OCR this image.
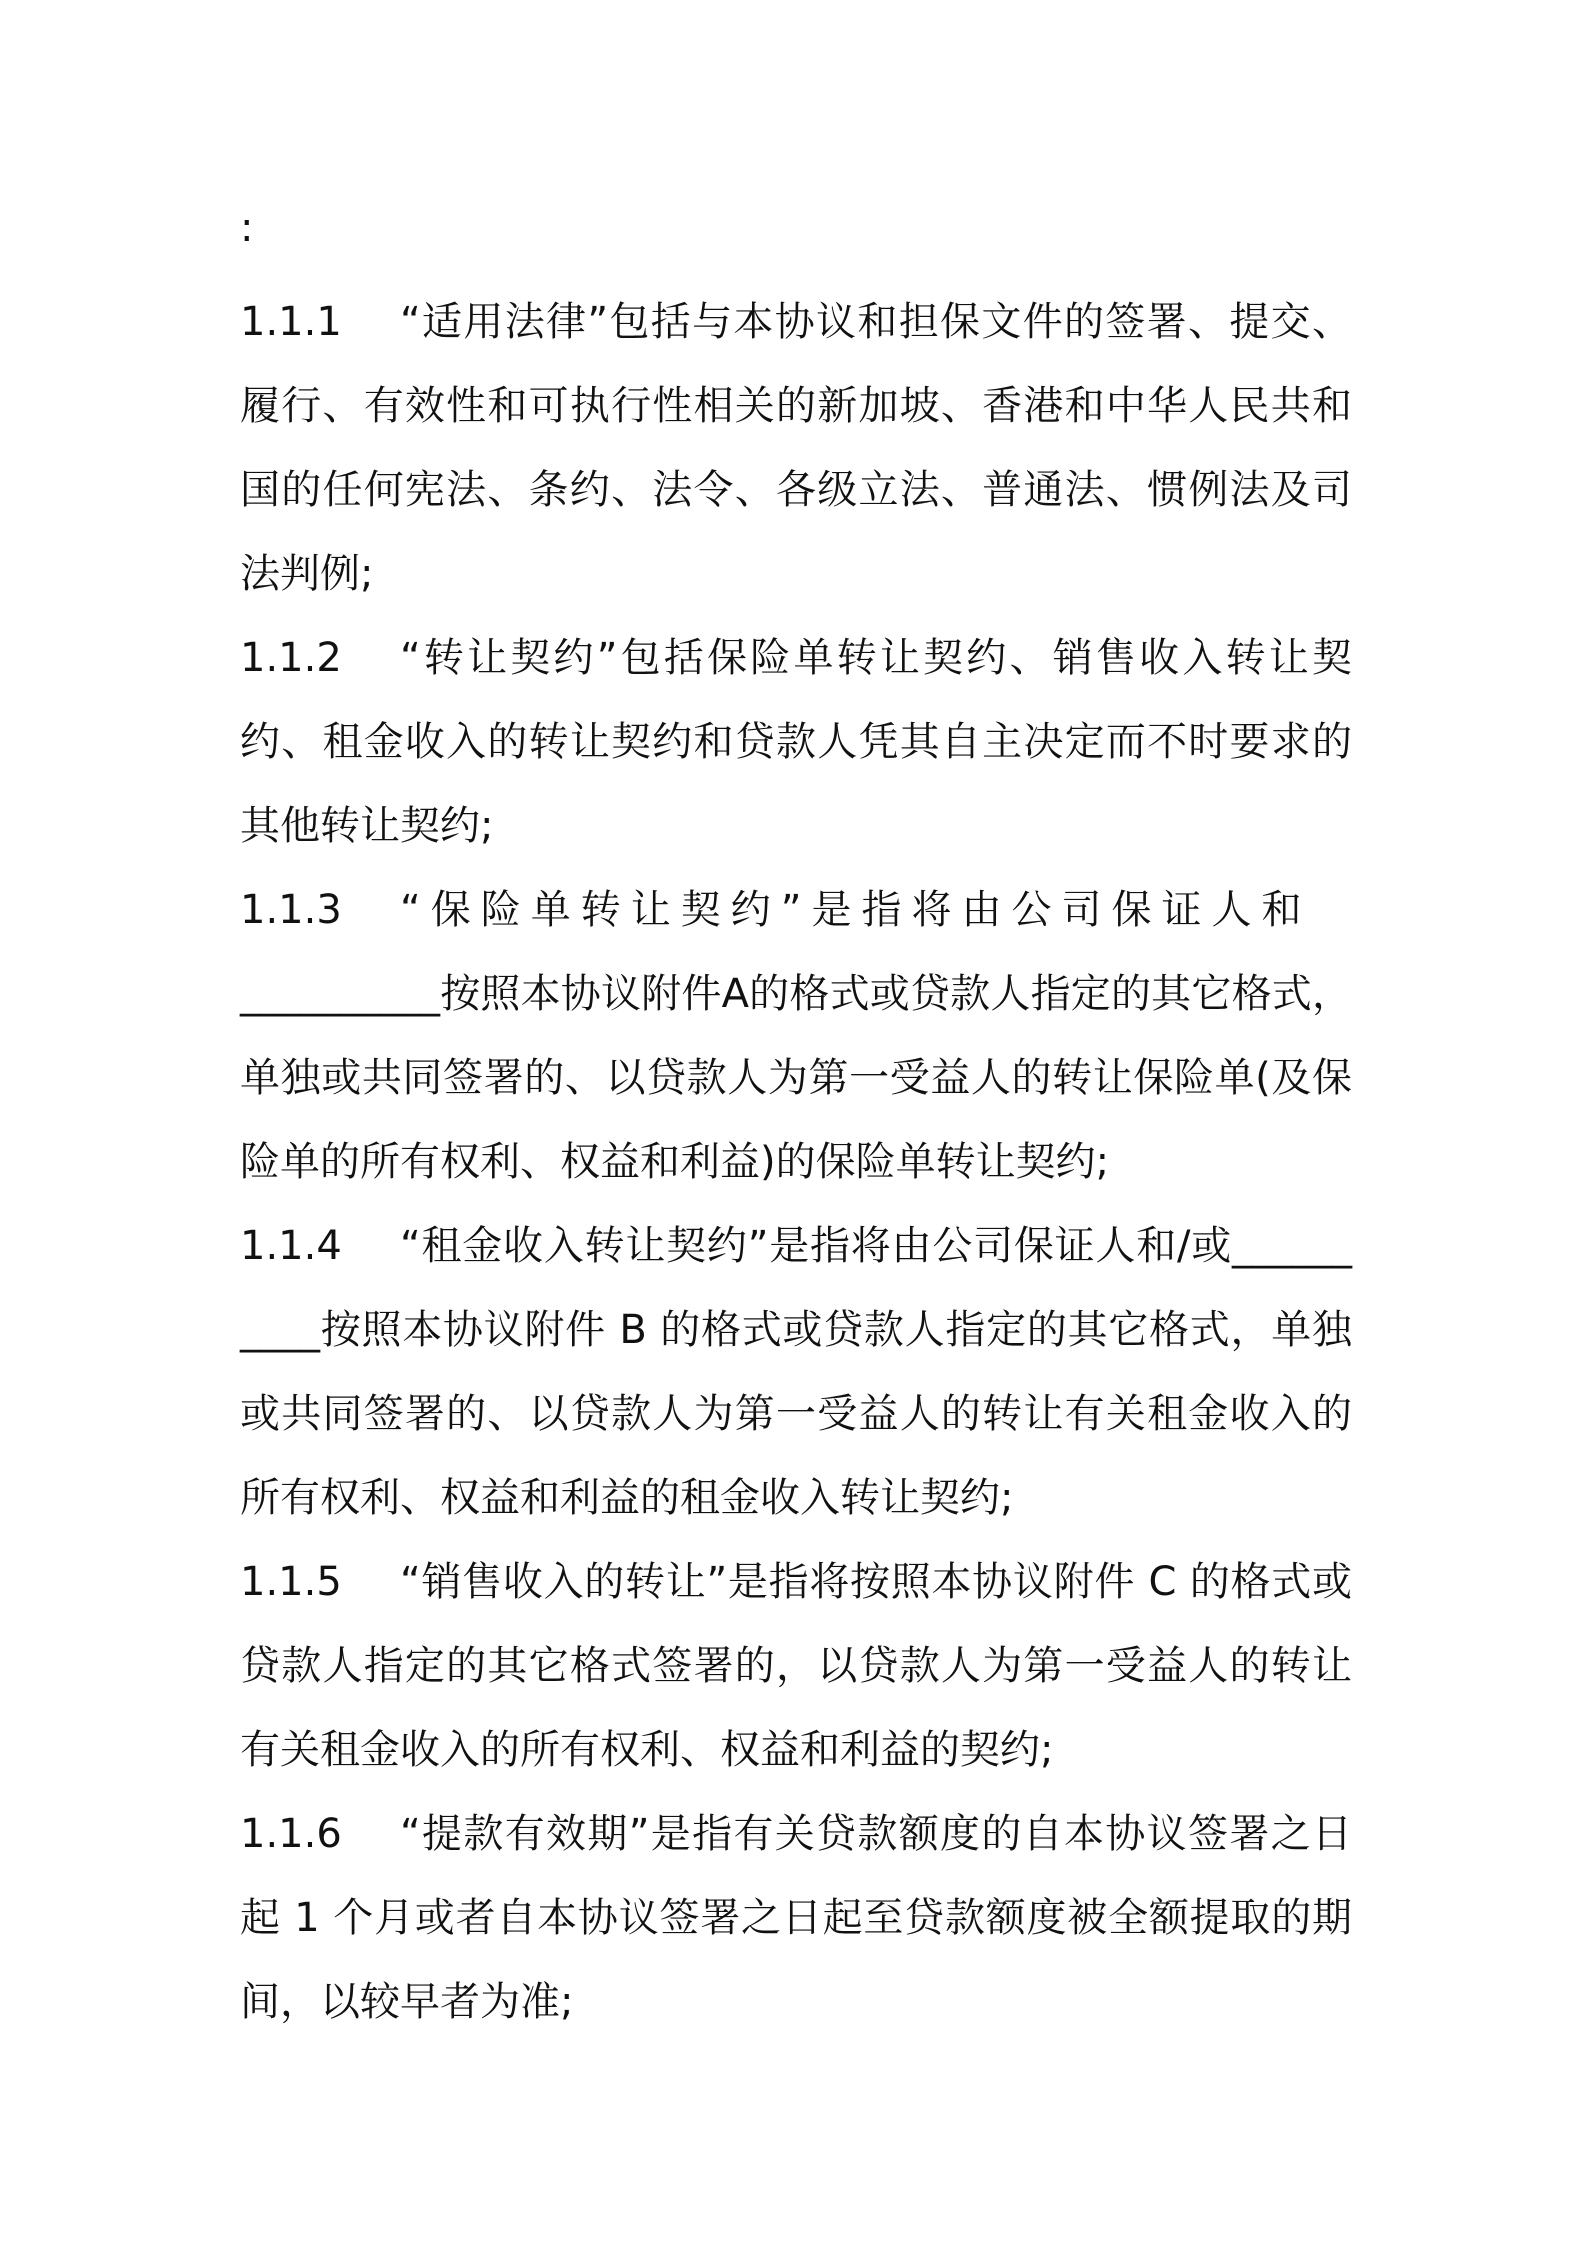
:

1.1.1 “适用法律”包括与本协议和担保文件的签署、提交、履行、有效性和可执行性相关的新加坡、香港和中华人民共和国的任何宪法、条约、法令、各级立法、普通法、惯例法及司法判例;

1.1.2 “转让契约”包括保险单转让契约、销售收入转让契约、租金收入的转让契约和贷款人凭其自主决定而不时要求的其他转让契约;

1.1.3 “保险单转让契约”是指将由公司保证人和
__________按照本协议附件A的格式或贷款人指定的其它格式，单独或共同签署的、以贷款人为第一受益人的转让保险单(及保险单的所有权利、权益和利益)的保险单转让契约;

1.1.4 “租金收入转让契约”是指将由公司保证人和/或__________按照本协议附件 B 的格式或贷款人指定的其它格式，单独或共同签署的、以贷款人为第一受益人的转让有关租金收入的所有权利、权益和利益的租金收入转让契约;

1.1.5 “销售收入的转让”是指将按照本协议附件 C 的格式或贷款人指定的其它格式签署的，以贷款人为第一受益人的转让有关租金收入的所有权利、权益和利益的契约;

1.1.6 “提款有效期”是指有关贷款额度的自本协议签署之日起 1 个月或者自本协议签署之日起至贷款额度被全额提取的期间，以较早者为准;
